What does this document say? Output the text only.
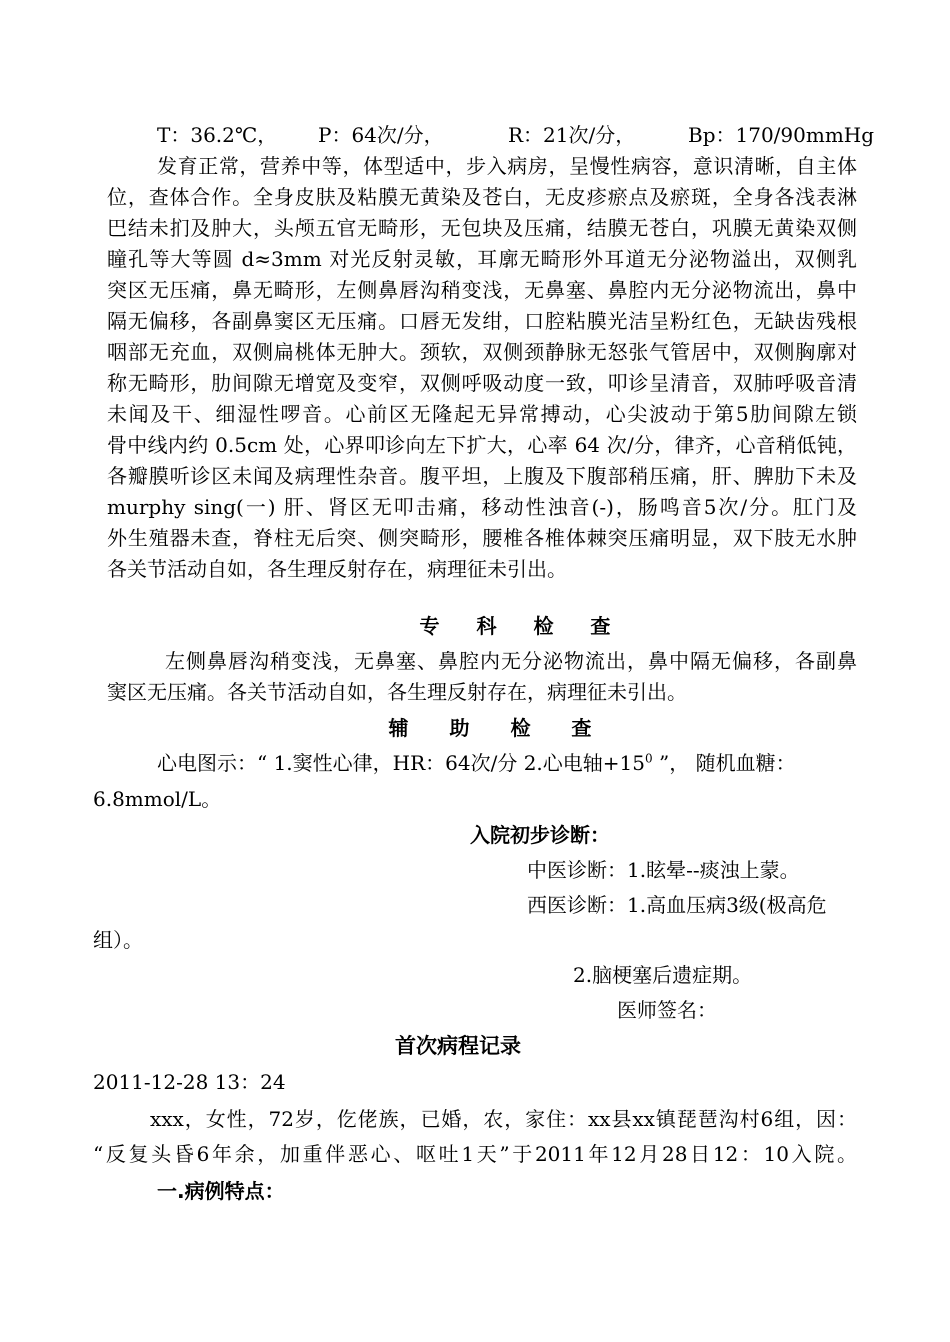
T：36.2℃， P：64次/分，	R：21次/分，	Bp：170/90mmHg
发育正常，营养中等，体型适中，步入病房，呈慢性病容，意识清晰，自主体
位，查体合作。全身皮肤及粘膜无黄染及苍白，无皮疹瘀点及瘀斑，全身各浅表淋
巴结未扪及肿大，头颅五官无畸形，无包块及压痛，结膜无苍白，巩膜无黄染双侧
瞳孔等大等圆 d≈3mm 对光反射灵敏，耳廓无畸形外耳道无分泌物溢出，双侧乳
突区无压痛，鼻无畸形，左侧鼻唇沟稍变浅，无鼻塞、鼻腔内无分泌物流出，鼻中
隔无偏移，各副鼻窦区无压痛。口唇无发绀，口腔粘膜光洁呈粉红色，无缺齿残根
咽部无充血，双侧扁桃体无肿大。颈软，双侧颈静脉无怒张气管居中，双侧胸廓对
称无畸形，肋间隙无增宽及变窄，双侧呼吸动度一致，叩诊呈清音，双肺呼吸音清
未闻及干、细湿性啰音。心前区无隆起无异常搏动，心尖波动于第5肋间隙左锁
骨中线内约 0.5cm 处，心界叩诊向左下扩大，心率 64 次/分，律齐，心音稍低钝，
各瓣膜听诊区未闻及病理性杂音。腹平坦，上腹及下腹部稍压痛，肝、脾肋下未及
murphy sing(一) 肝、肾区无叩击痛，移动性浊音(-)，肠鸣音5次/分。肛门及
外生殖器未查，脊柱无后突、侧突畸形，腰椎各椎体棘突压痛明显，双下肢无水肿
各关节活动自如，各生理反射存在，病理征未引出。
专 科 检 查
左侧鼻唇沟稍变浅，无鼻塞、鼻腔内无分泌物流出，鼻中隔无偏移，各副鼻
窦区无压痛。各关节活动自如，各生理反射存在，病理征未引出。
辅 助 检 查
心电图示：“ 1.窦性心律，HR：64次/分 2.心电轴$+15^0$ ”， 随机血糖：
6.8mmol/L。
入院初步诊断：
中医诊断：1.眩晕--痰浊上蒙。
西医诊断：1.高血压病3级(极高危
组）。
2.脑梗塞后遗症期。
医师签名：
首次病程记录
2011-12-28 13：24
xxx，女性，72岁，仡佬族，已婚，农，家住：xx县xx镇琵琶沟村6组，因：
“反复头昏6年余，加重伴恶心、呕吐1天”于2011年12月28日12：10入院。
一.病例特点：
